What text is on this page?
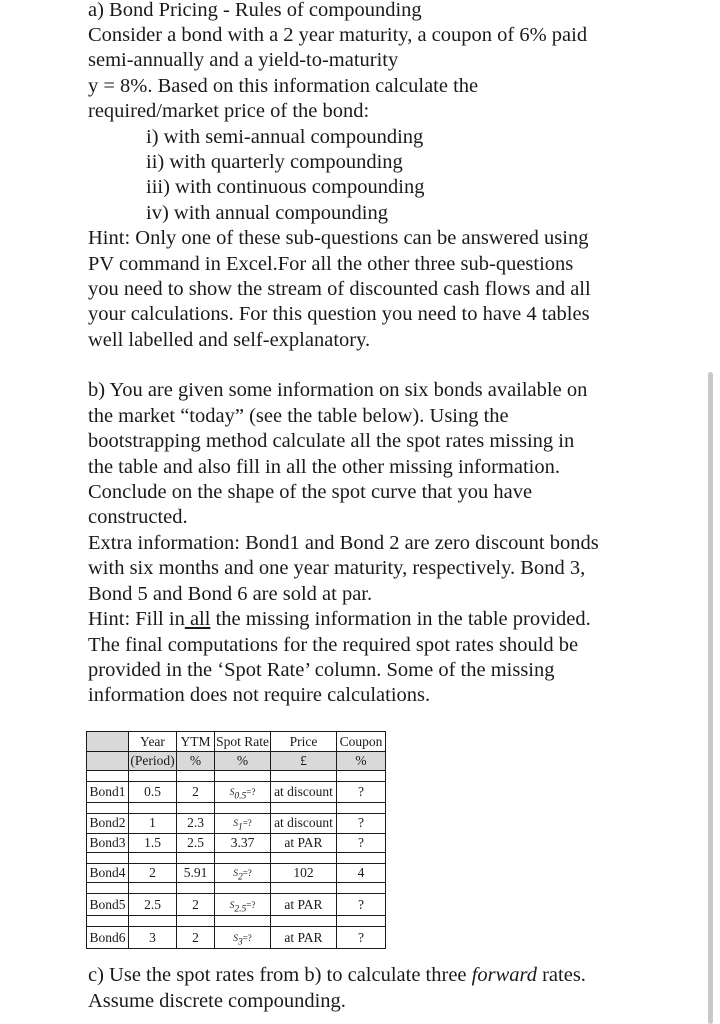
a) Bond Pricing - Rules of compounding

Consider a bond with a 2 year maturity, a coupon of 6% paid

semi-annually and a yield-to-maturity

y = 8%. Based on this information calculate the

required/market price of the bond:

i) with semi-annual compounding

ii) with quarterly compounding

iii) with continuous compounding

iv) with annual compounding

Hint: Only one of these sub-questions can be answered using

PV command in Excel.For all the other three sub-questions

you need to show the stream of discounted cash flows and all

your calculations. For this question you need to have 4 tables

well labelled and self-explanatory.

b) You are given some information on six bonds available on

the market “today” (see the table below). Using the

bootstrapping method calculate all the spot rates missing in

the table and also fill in all the other missing information.

Conclude on the shape of the spot curve that you have

constructed.

Extra information: Bond1 and Bond 2 are zero discount bonds

with six months and one year maturity, respectively. Bond 3,

Bond 5 and Bond 6 are sold at par.

Hint: Fill in all the missing information in the table provided.

The final computations for the required spot rates should be

provided in the ‘Spot Rate’ column. Some of the missing

information does not require calculations.

	Year	YTM	Spot Rate	Price	Coupon
	(Period)	%	%	£	%

Bond1	0.5	2	$S_{0.5}=$?	at discount	?

Bond2	1	2.3	$S_1=$?	at discount	?
Bond3	1.5	2.5	3.37	at PAR	?

Bond4	2	5.91	$S_2=$?	102	4

Bond5	2.5	2	$S_{2.5}=$?	at PAR	?

Bond6	3	2	$S_3=$?	at PAR	?

c) Use the spot rates from b) to calculate three forward rates.

Assume discrete compounding.
